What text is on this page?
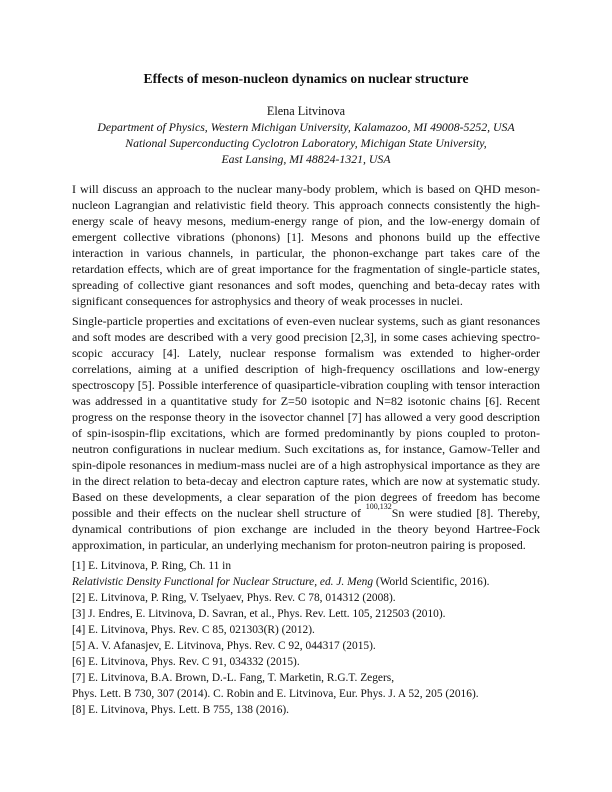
Effects of meson-nucleon dynamics on nuclear structure
Elena Litvinova
Department of Physics, Western Michigan University, Kalamazoo, MI 49008-5252, USA
National Superconducting Cyclotron Laboratory, Michigan State University,
East Lansing, MI 48824-1321, USA
I will discuss an approach to the nuclear many-body problem, which is based on QHD meson-nucleon Lagrangian and relativistic field theory. This approach connects consistently the high-energy scale of heavy mesons, medium-energy range of pion, and the low-energy domain of emergent collective vibrations (phonons) [1]. Mesons and phonons build up the effective interaction in various channels, in particular, the phonon-exchange part takes care of the retardation effects, which are of great importance for the fragmentation of single-particle states, spreading of collective giant resonances and soft modes, quenching and beta-decay rates with significant consequences for astrophysics and theory of weak processes in nuclei.
Single-particle properties and excitations of even-even nuclear systems, such as giant resonances and soft modes are described with a very good precision [2,3], in some cases achieving spectro-scopic accuracy [4]. Lately, nuclear response formalism was extended to higher-order correlations, aiming at a unified description of high-frequency oscillations and low-energy spectroscopy [5]. Possible interference of quasiparticle-vibration coupling with tensor interaction was addressed in a quantitative study for Z=50 isotopic and N=82 isotonic chains [6]. Recent progress on the response theory in the isovector channel [7] has allowed a very good description of spin-isospin-flip excitations, which are formed predominantly by pions coupled to proton-neutron configurations in nuclear medium. Such excitations as, for instance, Gamow-Teller and spin-dipole resonances in medium-mass nuclei are of a high astrophysical importance as they are in the direct relation to beta-decay and electron capture rates, which are now at systematic study. Based on these developments, a clear separation of the pion degrees of freedom has become possible and their effects on the nuclear shell structure of $^{100,132}$Sn were studied [8]. Thereby, dynamical contributions of pion exchange are included in the theory beyond Hartree-Fock approximation, in particular, an underlying mechanism for proton-neutron pairing is proposed.
[1] E. Litvinova, P. Ring, Ch. 11 in
Relativistic Density Functional for Nuclear Structure, ed. J. Meng (World Scientific, 2016).
[2] E. Litvinova, P. Ring, V. Tselyaev, Phys. Rev. C 78, 014312 (2008).
[3] J. Endres, E. Litvinova, D. Savran, et al., Phys. Rev. Lett. 105, 212503 (2010).
[4] E. Litvinova, Phys. Rev. C 85, 021303(R) (2012).
[5] A. V. Afanasjev, E. Litvinova, Phys. Rev. C 92, 044317 (2015).
[6] E. Litvinova, Phys. Rev. C 91, 034332 (2015).
[7] E. Litvinova, B.A. Brown, D.-L. Fang, T. Marketin, R.G.T. Zegers,
Phys. Lett. B 730, 307 (2014). C. Robin and E. Litvinova, Eur. Phys. J. A 52, 205 (2016).
[8] E. Litvinova, Phys. Lett. B 755, 138 (2016).
